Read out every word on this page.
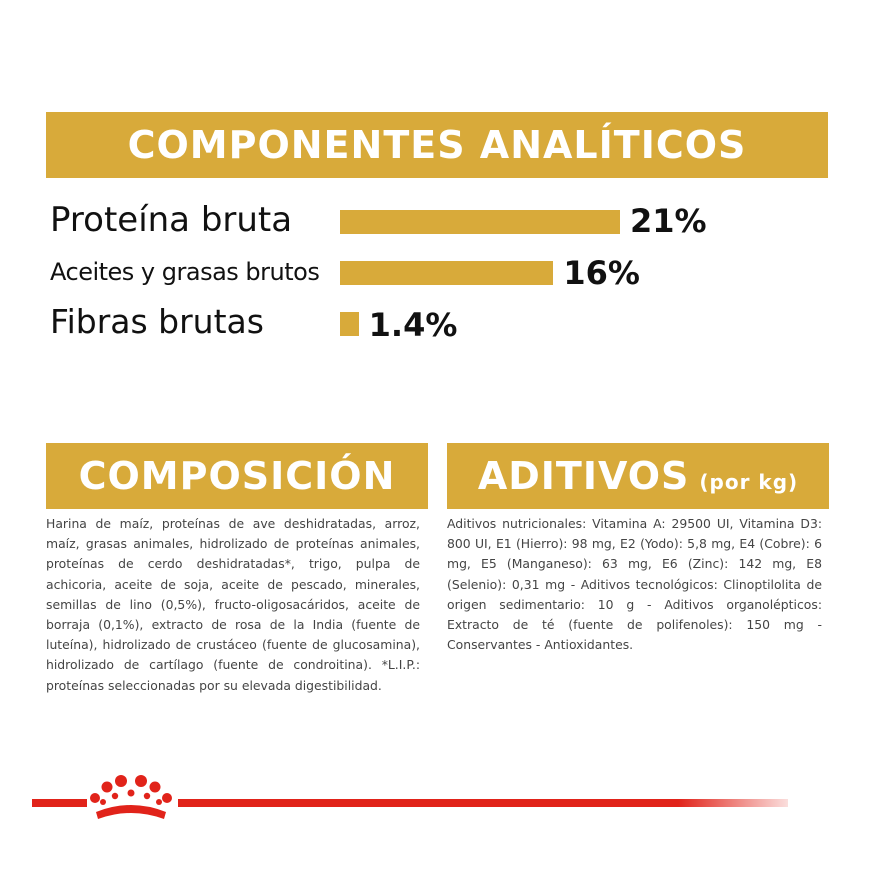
COMPONENTES ANALÍTICOS
Proteína bruta	21%
Aceites y grasas brutos	16%
Fibras brutas	1.4%
COMPOSICIÓN
Harina de maíz, proteínas de ave deshidratadas, arroz, maíz, grasas animales, hidrolizado de proteínas animales, proteínas de cerdo deshidratadas*, trigo, pulpa de achicoria, aceite de soja, aceite de pescado, minerales, semillas de lino (0,5%), fructo-oligosacáridos, aceite de borraja (0,1%), extracto de rosa de la India (fuente de luteína), hidrolizado de crustáceo (fuente de glucosamina), hidrolizado de cartílago (fuente de condroitina). *L.I.P.: proteínas seleccionadas por su elevada digestibilidad.
ADITIVOS (por kg)
Aditivos nutricionales: Vitamina A: 29500 UI, Vitamina D3: 800 UI, E1 (Hierro): 98 mg, E2 (Yodo): 5,8 mg, E4 (Cobre): 6 mg, E5 (Manganeso): 63 mg, E6 (Zinc): 142 mg, E8 (Selenio): 0,31 mg - Aditivos tecnológicos: Clinoptilolita de origen sedimentario: 10 g - Aditivos organolépticos: Extracto de té (fuente de polifenoles): 150 mg - Conservantes - Antioxidantes.
